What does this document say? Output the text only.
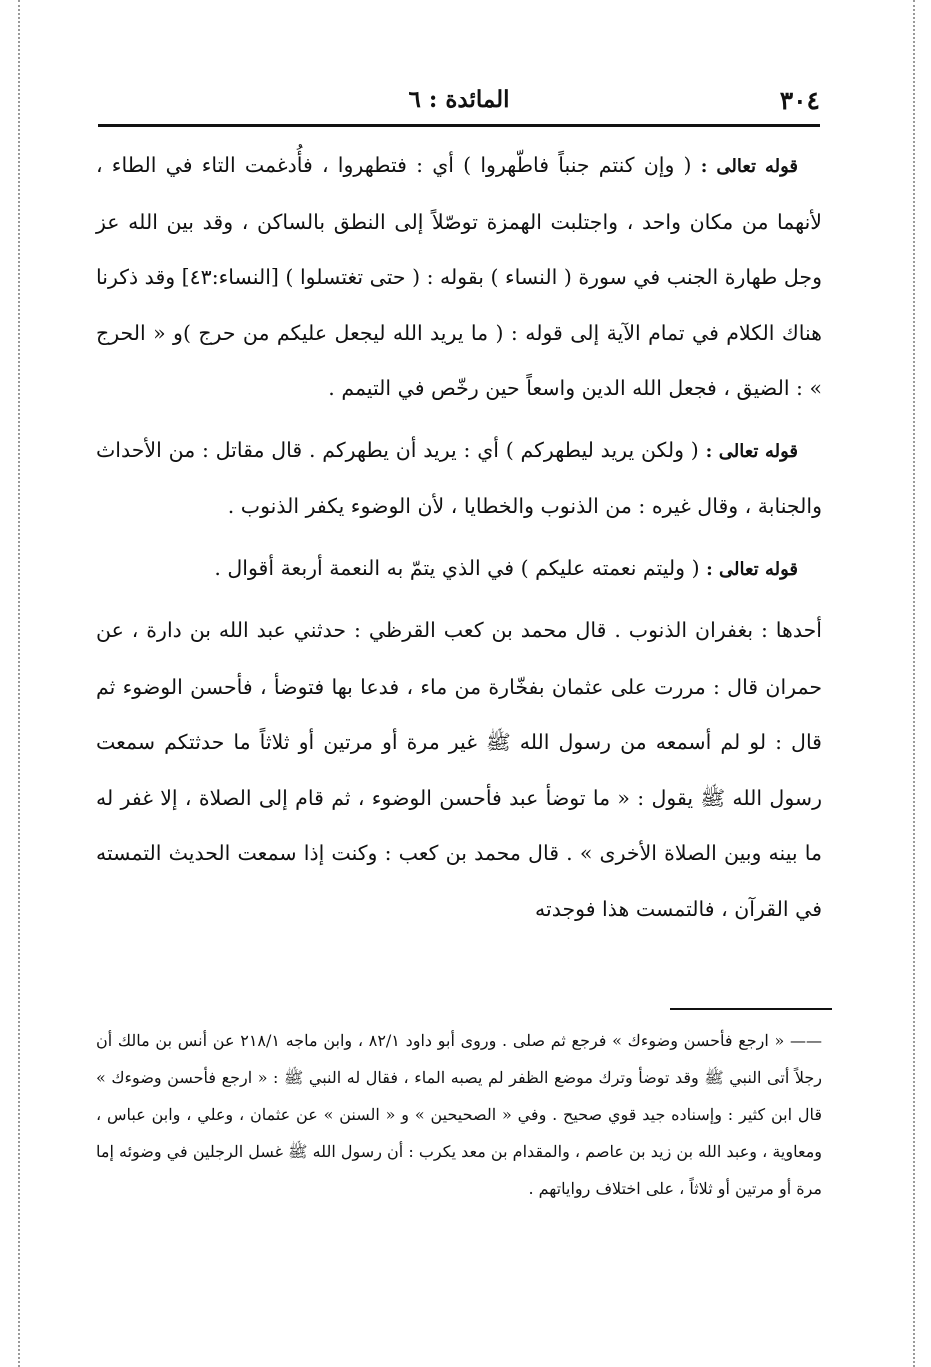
٣٠٤
المائدة : ٦

قوله تعالى : ( وإن كنتم جنباً فاطّهروا ) أي : فتطهروا ، فأُدغمت التاء في الطاء ، لأنهما من مكان واحد ، واجتلبت الهمزة توصّلاً إلى النطق بالساكن ، وقد بين الله عز وجل طهارة الجنب في سورة ( النساء ) بقوله : ( حتى تغتسلوا ) [النساء:٤٣] وقد ذكرنا هناك الكلام في تمام الآية إلى قوله : ( ما يريد الله ليجعل عليكم من حرج )و « الحرج » : الضيق ، فجعل الله الدين واسعاً حين رخّص في التيمم .

قوله تعالى : ( ولكن يريد ليطهركم ) أي : يريد أن يطهركم . قال مقاتل : من الأحداث والجنابة ، وقال غيره : من الذنوب والخطايا ، لأن الوضوء يكفر الذنوب .

قوله تعالى : ( وليتم نعمته عليكم ) في الذي يتمّ به النعمة أربعة أقوال .

أحدها : بغفران الذنوب . قال محمد بن كعب القرظي : حدثني عبد الله بن دارة ، عن حمران قال : مررت على عثمان بفخّارة من ماء ، فدعا بها فتوضأ ، فأحسن الوضوء ثم قال : لو لم أسمعه من رسول الله ﷺ غير مرة أو مرتين أو ثلاثاً ما حدثتكم سمعت رسول الله ﷺ يقول : « ما توضأ عبد فأحسن الوضوء ، ثم قام إلى الصلاة ، إلا غفر له ما بينه وبين الصلاة الأخرى » . قال محمد بن كعب : وكنت إذا سمعت الحديث التمسته في القرآن ، فالتمست هذا فوجدته

—— « ارجع فأحسن وضوءك » فرجع ثم صلى . وروى أبو داود ٨٢/١ ، وابن ماجه ٢١٨/١ عن أنس بن مالك أن رجلاً أتى النبي ﷺ وقد توضأ وترك موضع الظفر لم يصبه الماء ، فقال له النبي ﷺ : « ارجع فأحسن وضوءك » قال ابن كثير : وإسناده جيد قوي صحيح . وفي « الصحيحين » و « السنن » عن عثمان ، وعلي ، وابن عباس ، ومعاوية ، وعبد الله بن زيد بن عاصم ، والمقدام بن معد يكرب : أن رسول الله ﷺ غسل الرجلين في وضوئه إما مرة أو مرتين أو ثلاثاً ، على اختلاف رواياتهم .
